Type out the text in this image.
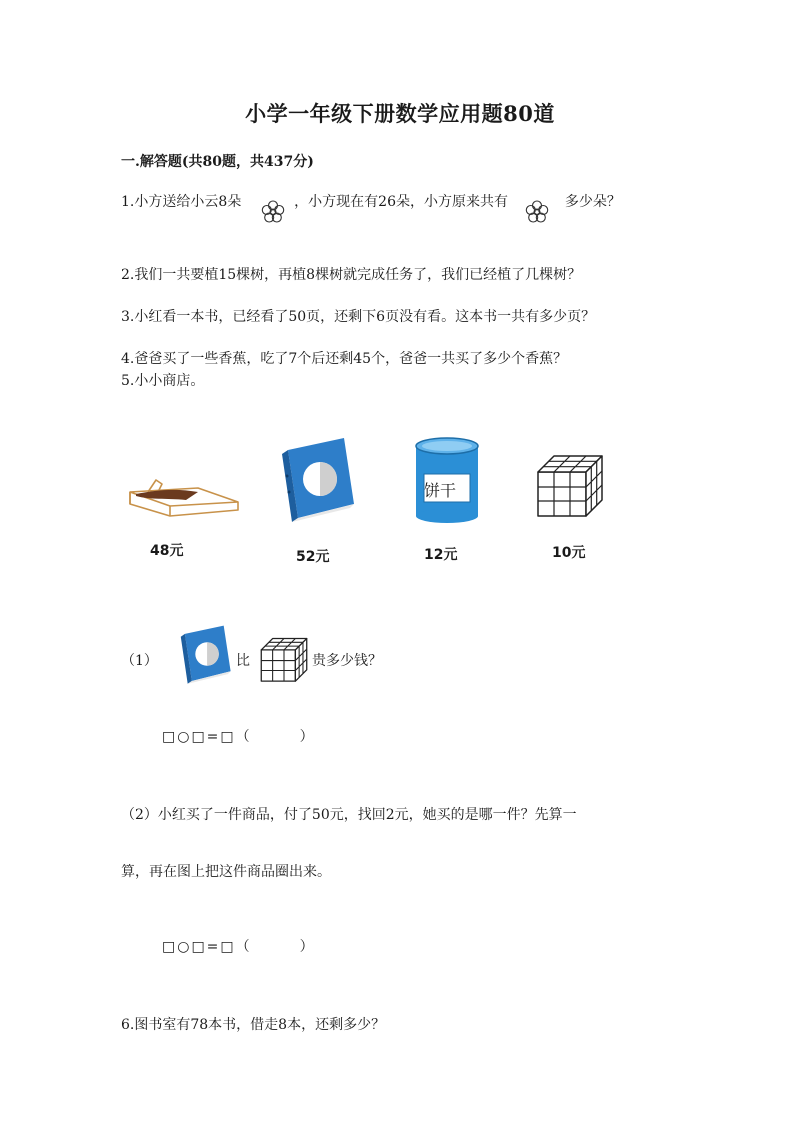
小学一年级下册数学应用题80道
一.解答题(共80题，共437分)
1.小方送给小云8朵	，小方现在有26朵，小方原来共有	多少朵？
2.我们一共要植15棵树，再植8棵树就完成任务了，我们已经植了几棵树？
3.小红看一本书，已经看了50页，还剩下6页没有看。这本书一共有多少页？
4.爸爸买了一些香蕉，吃了7个后还剩45个，爸爸一共买了多少个香蕉？
5.小小商店。
48元	52元
饼干
12元	10元
（1）	比	贵多少钱？
□○□=□（　　　）
（2）小红买了一件商品，付了50元，找回2元，她买的是哪一件？先算一
算，再在图上把这件商品圈出来。
□○□=□（　　　）
6.图书室有78本书，借走8本，还剩多少？
